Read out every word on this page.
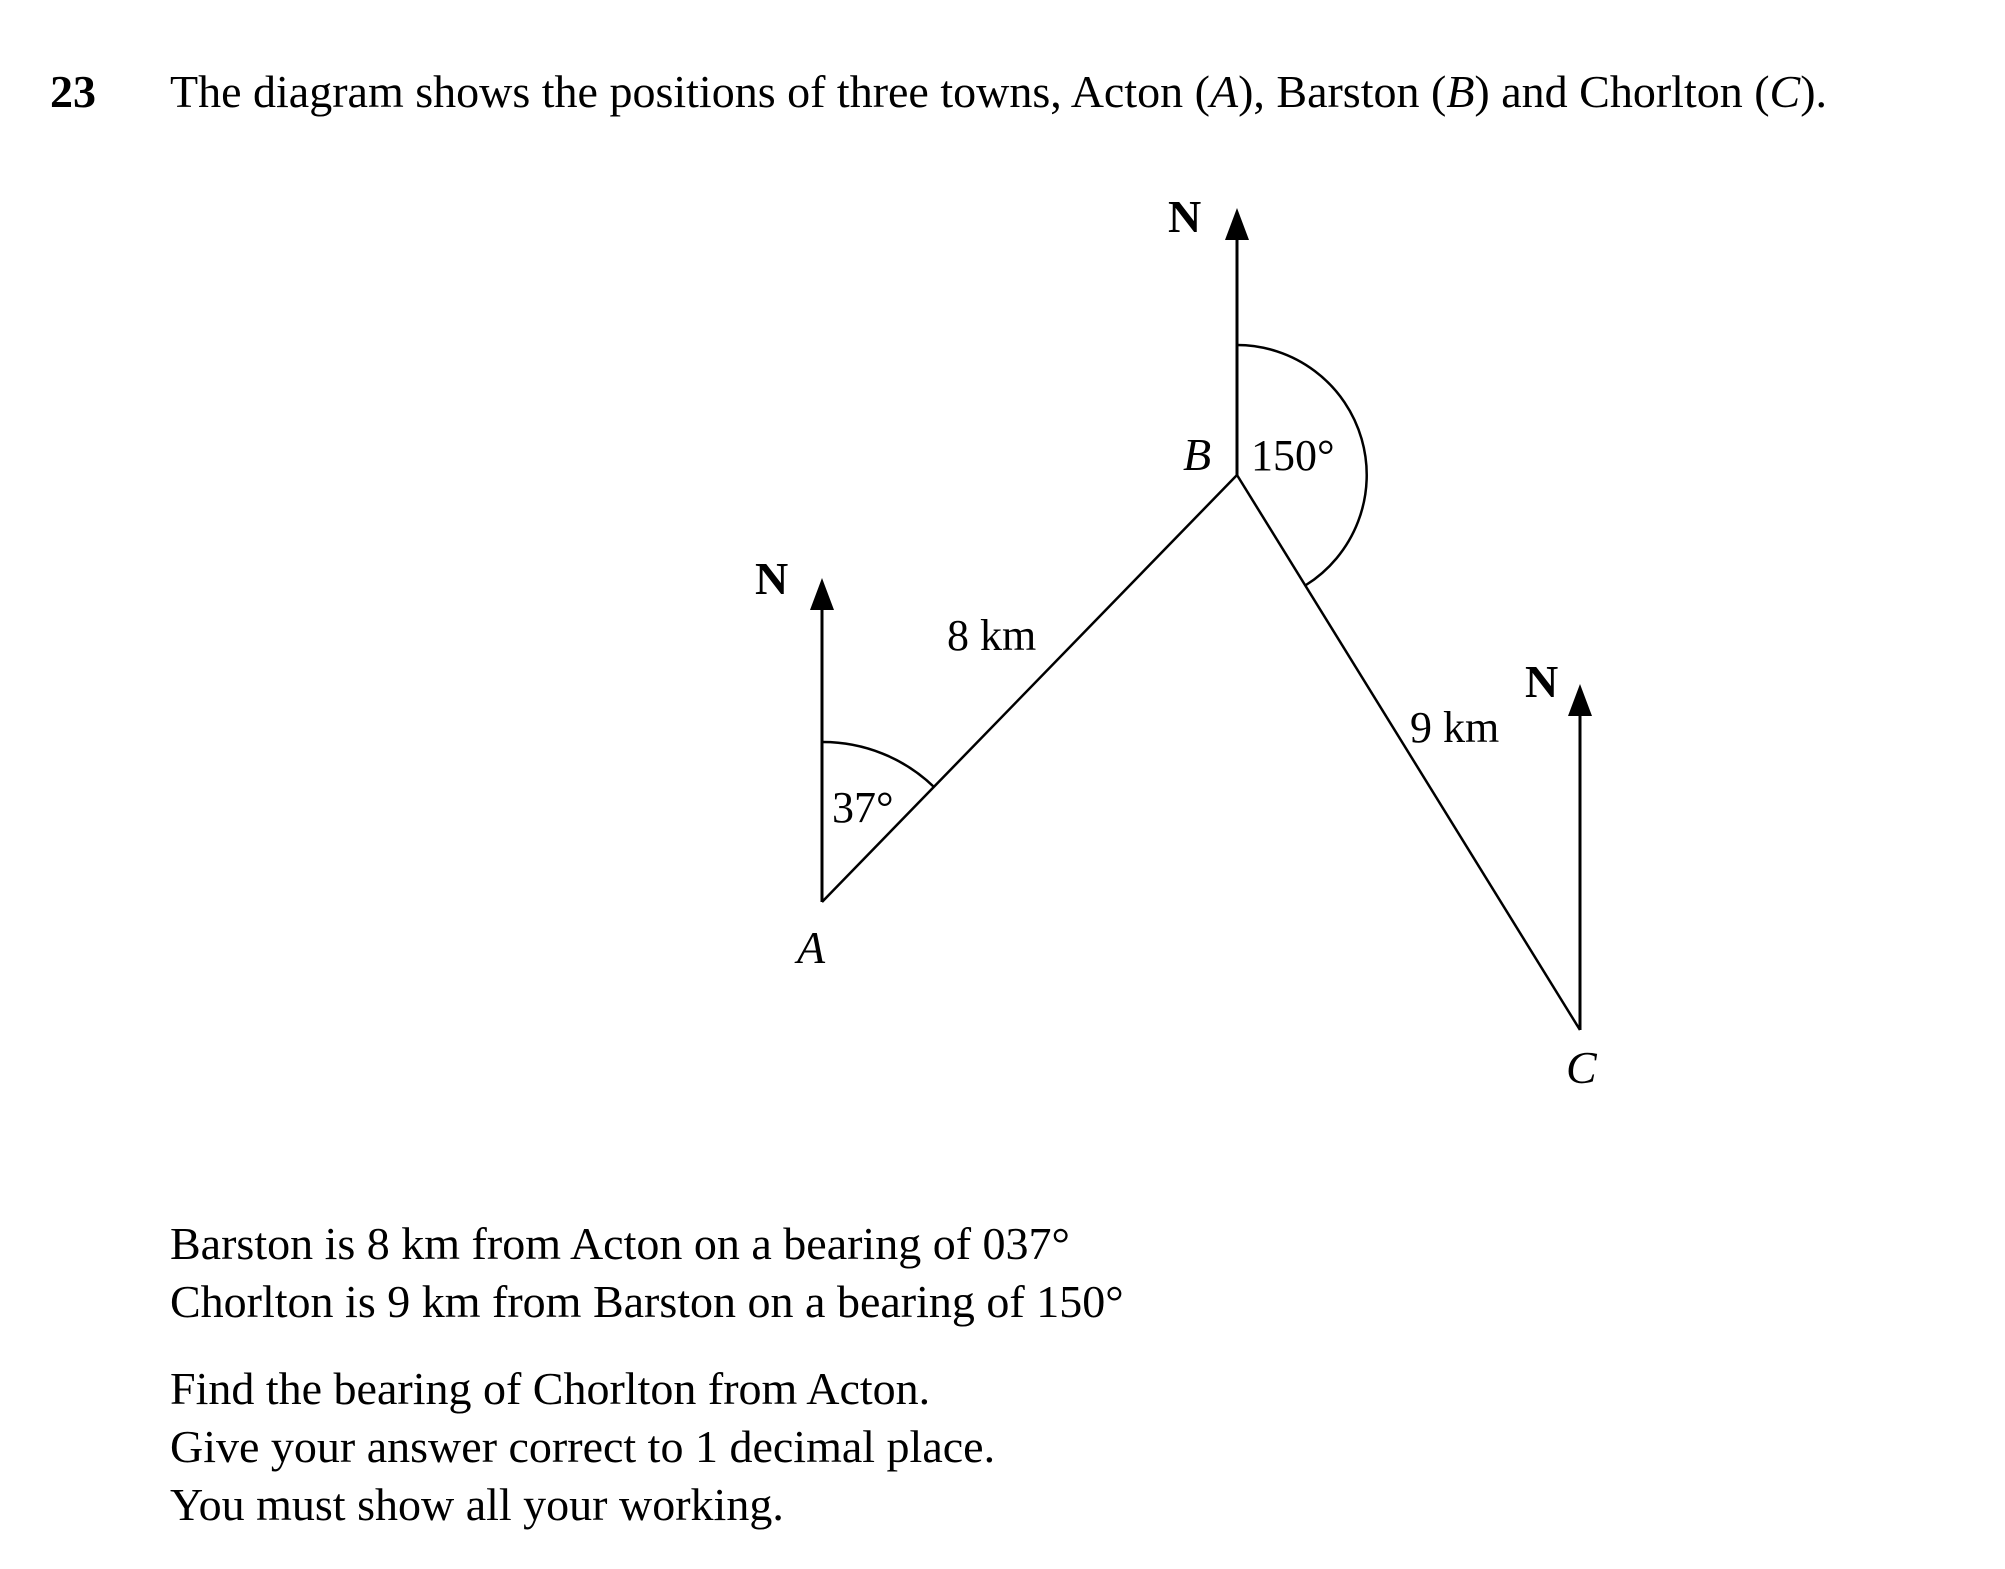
23 The diagram shows the positions of three towns, Acton (A), Barston (B) and Chorlton (C).
N
N
N
A
B
C
37°
150°
8 km
9 km
Barston is 8 km from Acton on a bearing of 037°
Chorlton is 9 km from Barston on a bearing of 150°
Find the bearing of Chorlton from Acton.
Give your answer correct to 1 decimal place.
You must show all your working.
